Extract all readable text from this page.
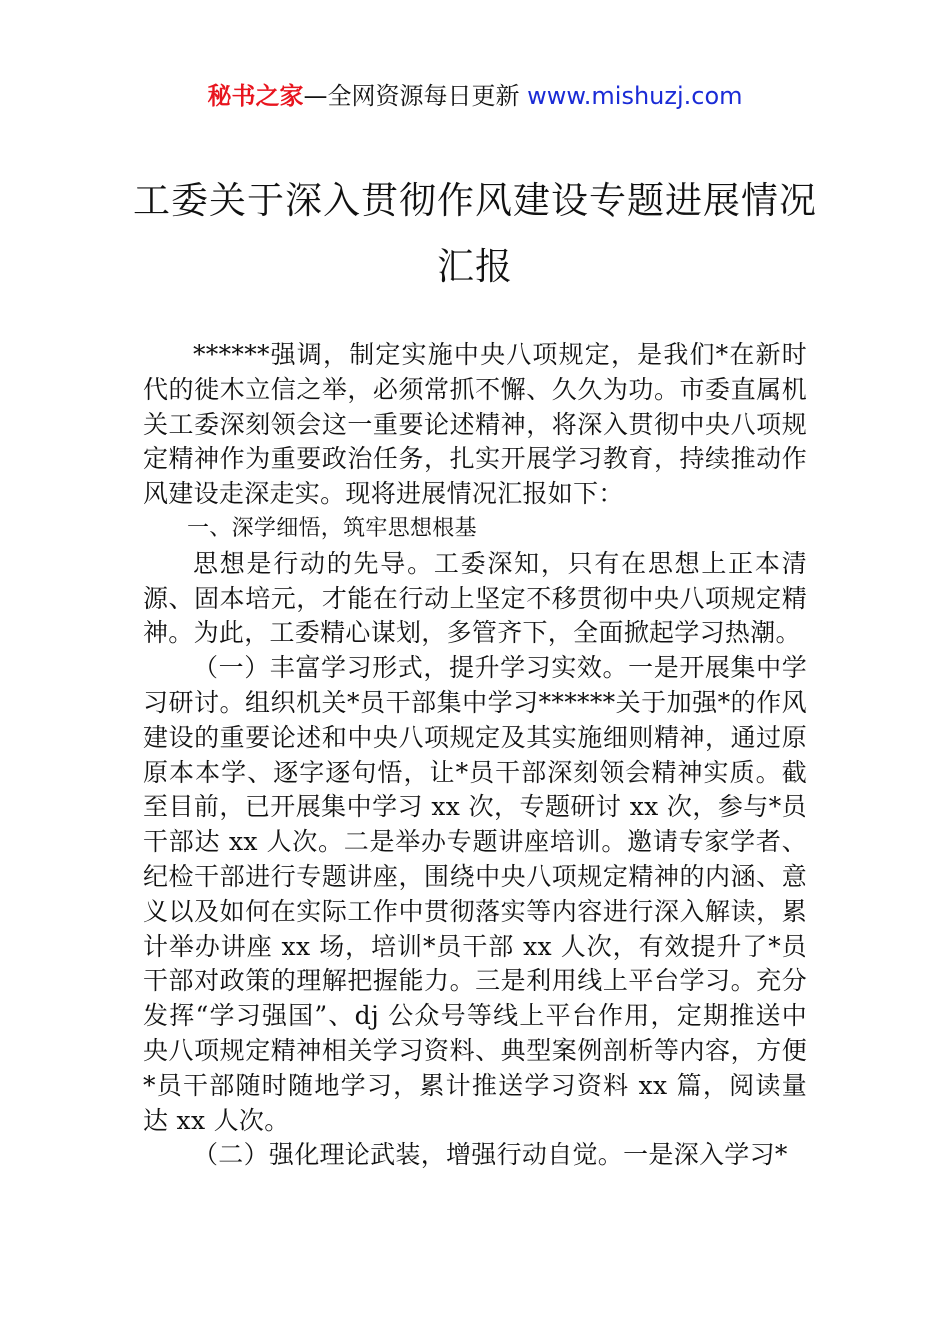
秘书之家—全网资源每日更新 www.mishuzj.com
工委关于深入贯彻作风建设专题进展情况
汇报

******强调，制定实施中央八项规定，是我们*在新时代的徙木立信之举，必须常抓不懈、久久为功。市委直属机关工委深刻领会这一重要论述精神，将深入贯彻中央八项规定精神作为重要政治任务，扎实开展学习教育，持续推动作风建设走深走实。现将进展情况汇报如下：

一、深学细悟，筑牢思想根基

思想是行动的先导。工委深知，只有在思想上正本清源、固本培元，才能在行动上坚定不移贯彻中央八项规定精神。为此，工委精心谋划，多管齐下，全面掀起学习热潮。

（一）丰富学习形式，提升学习实效。一是开展集中学习研讨。组织机关*员干部集中学习******关于加强*的作风建设的重要论述和中央八项规定及其实施细则精神，通过原原本本学、逐字逐句悟，让*员干部深刻领会精神实质。截至目前，已开展集中学习 xx 次，专题研讨 xx 次，参与*员干部达 xx 人次。二是举办专题讲座培训。邀请专家学者、纪检干部进行专题讲座，围绕中央八项规定精神的内涵、意义以及如何在实际工作中贯彻落实等内容进行深入解读，累计举办讲座 xx 场，培训*员干部 xx 人次，有效提升了*员干部对政策的理解把握能力。三是利用线上平台学习。充分发挥“学习强国”、dj 公众号等线上平台作用，定期推送中央八项规定精神相关学习资料、典型案例剖析等内容，方便*员干部随时随地学习，累计推送学习资料 xx 篇，阅读量达 xx 人次。

（二）强化理论武装，增强行动自觉。一是深入学习*
